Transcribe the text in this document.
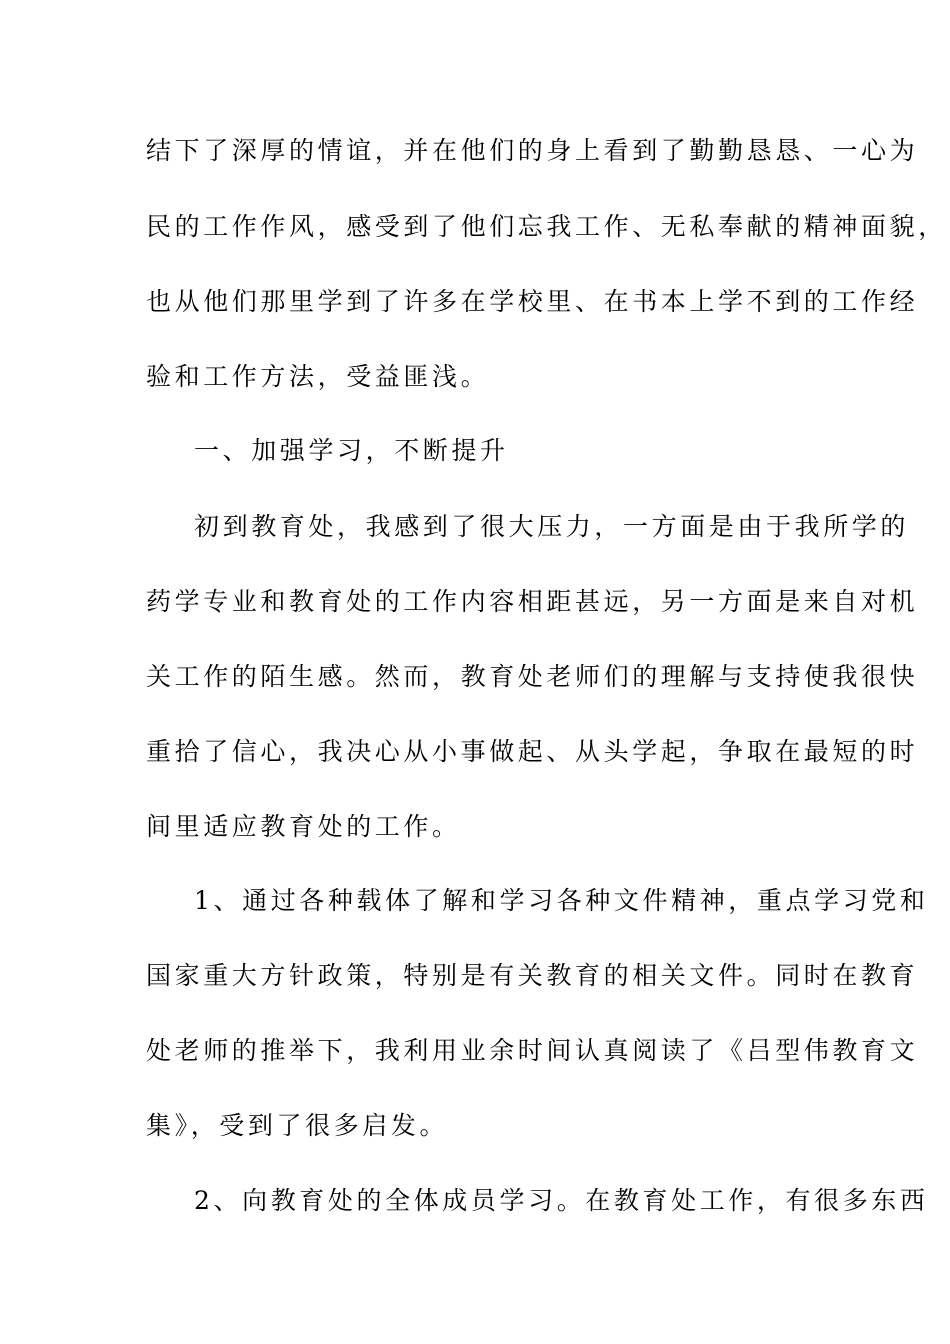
结下了深厚的情谊，并在他们的身上看到了勤勤恳恳、一心为

民的工作作风，感受到了他们忘我工作、无私奉献的精神面貌，

也从他们那里学到了许多在学校里、在书本上学不到的工作经

验和工作方法，受益匪浅。

一、加强学习，不断提升

初到教育处，我感到了很大压力，一方面是由于我所学的

药学专业和教育处的工作内容相距甚远，另一方面是来自对机

关工作的陌生感。然而，教育处老师们的理解与支持使我很快

重拾了信心，我决心从小事做起、从头学起，争取在最短的时

间里适应教育处的工作。

1、通过各种载体了解和学习各种文件精神，重点学习党和

国家重大方针政策，特别是有关教育的相关文件。同时在教育

处老师的推举下，我利用业余时间认真阅读了《吕型伟教育文

集》，受到了很多启发。

2、向教育处的全体成员学习。在教育处工作，有很多东西
